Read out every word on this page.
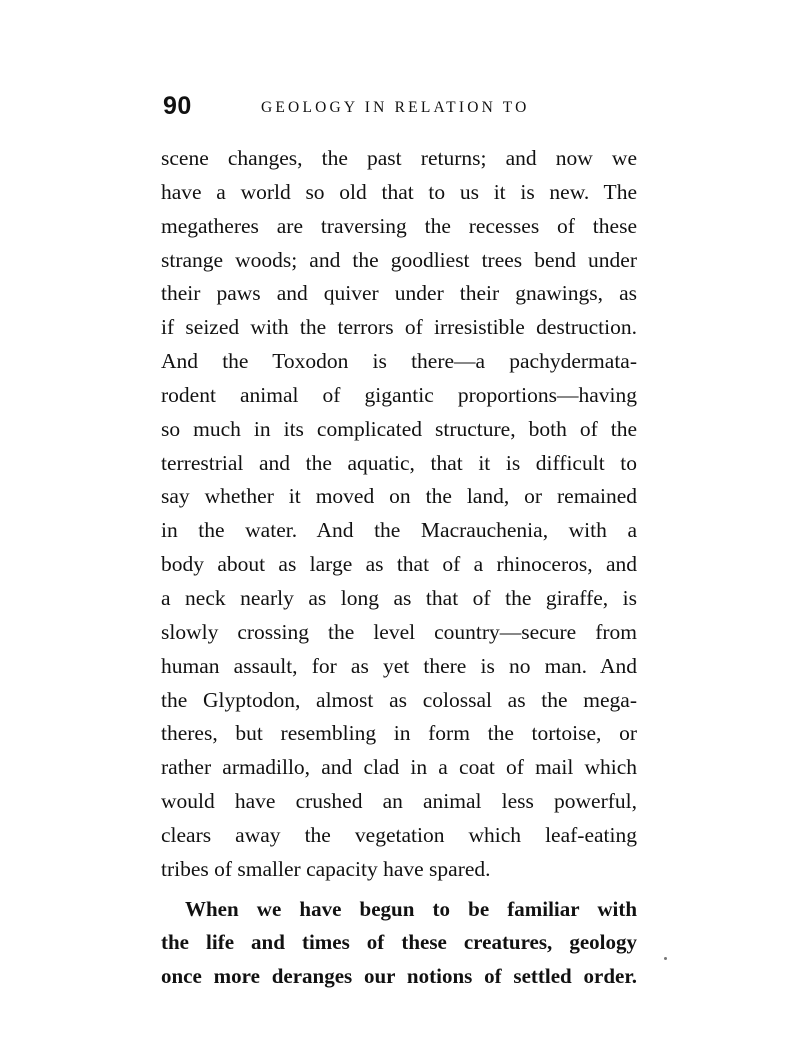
90	GEOLOGY IN RELATION TO
scene changes, the past returns; and now we
have a world so old that to us it is new. The
megatheres are traversing the recesses of these
strange woods; and the goodliest trees bend under
their paws and quiver under their gnawings, as
if seized with the terrors of irresistible destruction.
And the Toxodon is there—a pachydermata-
rodent animal of gigantic proportions—having
so much in its complicated structure, both of the
terrestrial and the aquatic, that it is difficult to
say whether it moved on the land, or remained
in the water. And the Macrauchenia, with a
body about as large as that of a rhinoceros, and
a neck nearly as long as that of the giraffe, is
slowly crossing the level country—secure from
human assault, for as yet there is no man. And
the Glyptodon, almost as colossal as the mega-
theres, but resembling in form the tortoise, or
rather armadillo, and clad in a coat of mail which
would have crushed an animal less powerful,
clears away the vegetation which leaf-eating
tribes of smaller capacity have spared.
When we have begun to be familiar with
the life and times of these creatures, geology
once more deranges our notions of settled order.
